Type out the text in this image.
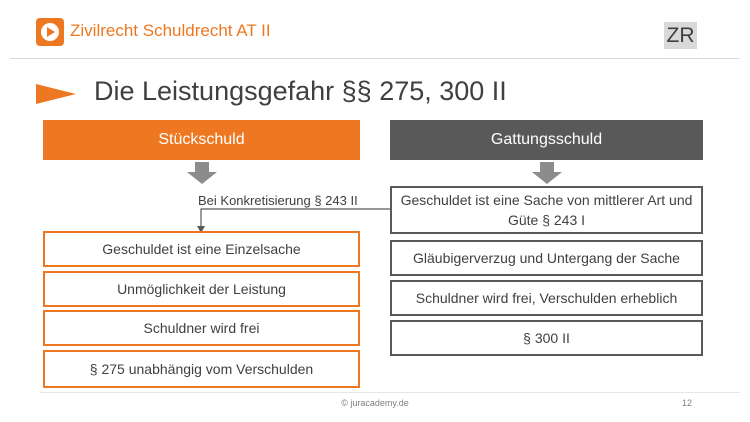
Zivilrecht Schuldrecht AT II	ZR
Die Leistungsgefahr §§ 275, 300 II
Stückschuld	Gattungsschuld
Bei Konkretisierung § 243 II
Geschuldet ist eine Einzelsache
Unmöglichkeit der Leistung
Schuldner wird frei
§ 275 unabhängig vom Verschulden
Geschuldet ist eine Sache von mittlerer Art und Güte § 243 I
Gläubigerverzug und Untergang der Sache
Schuldner wird frei, Verschulden erheblich
§ 300 II
© juracademy.de	12
